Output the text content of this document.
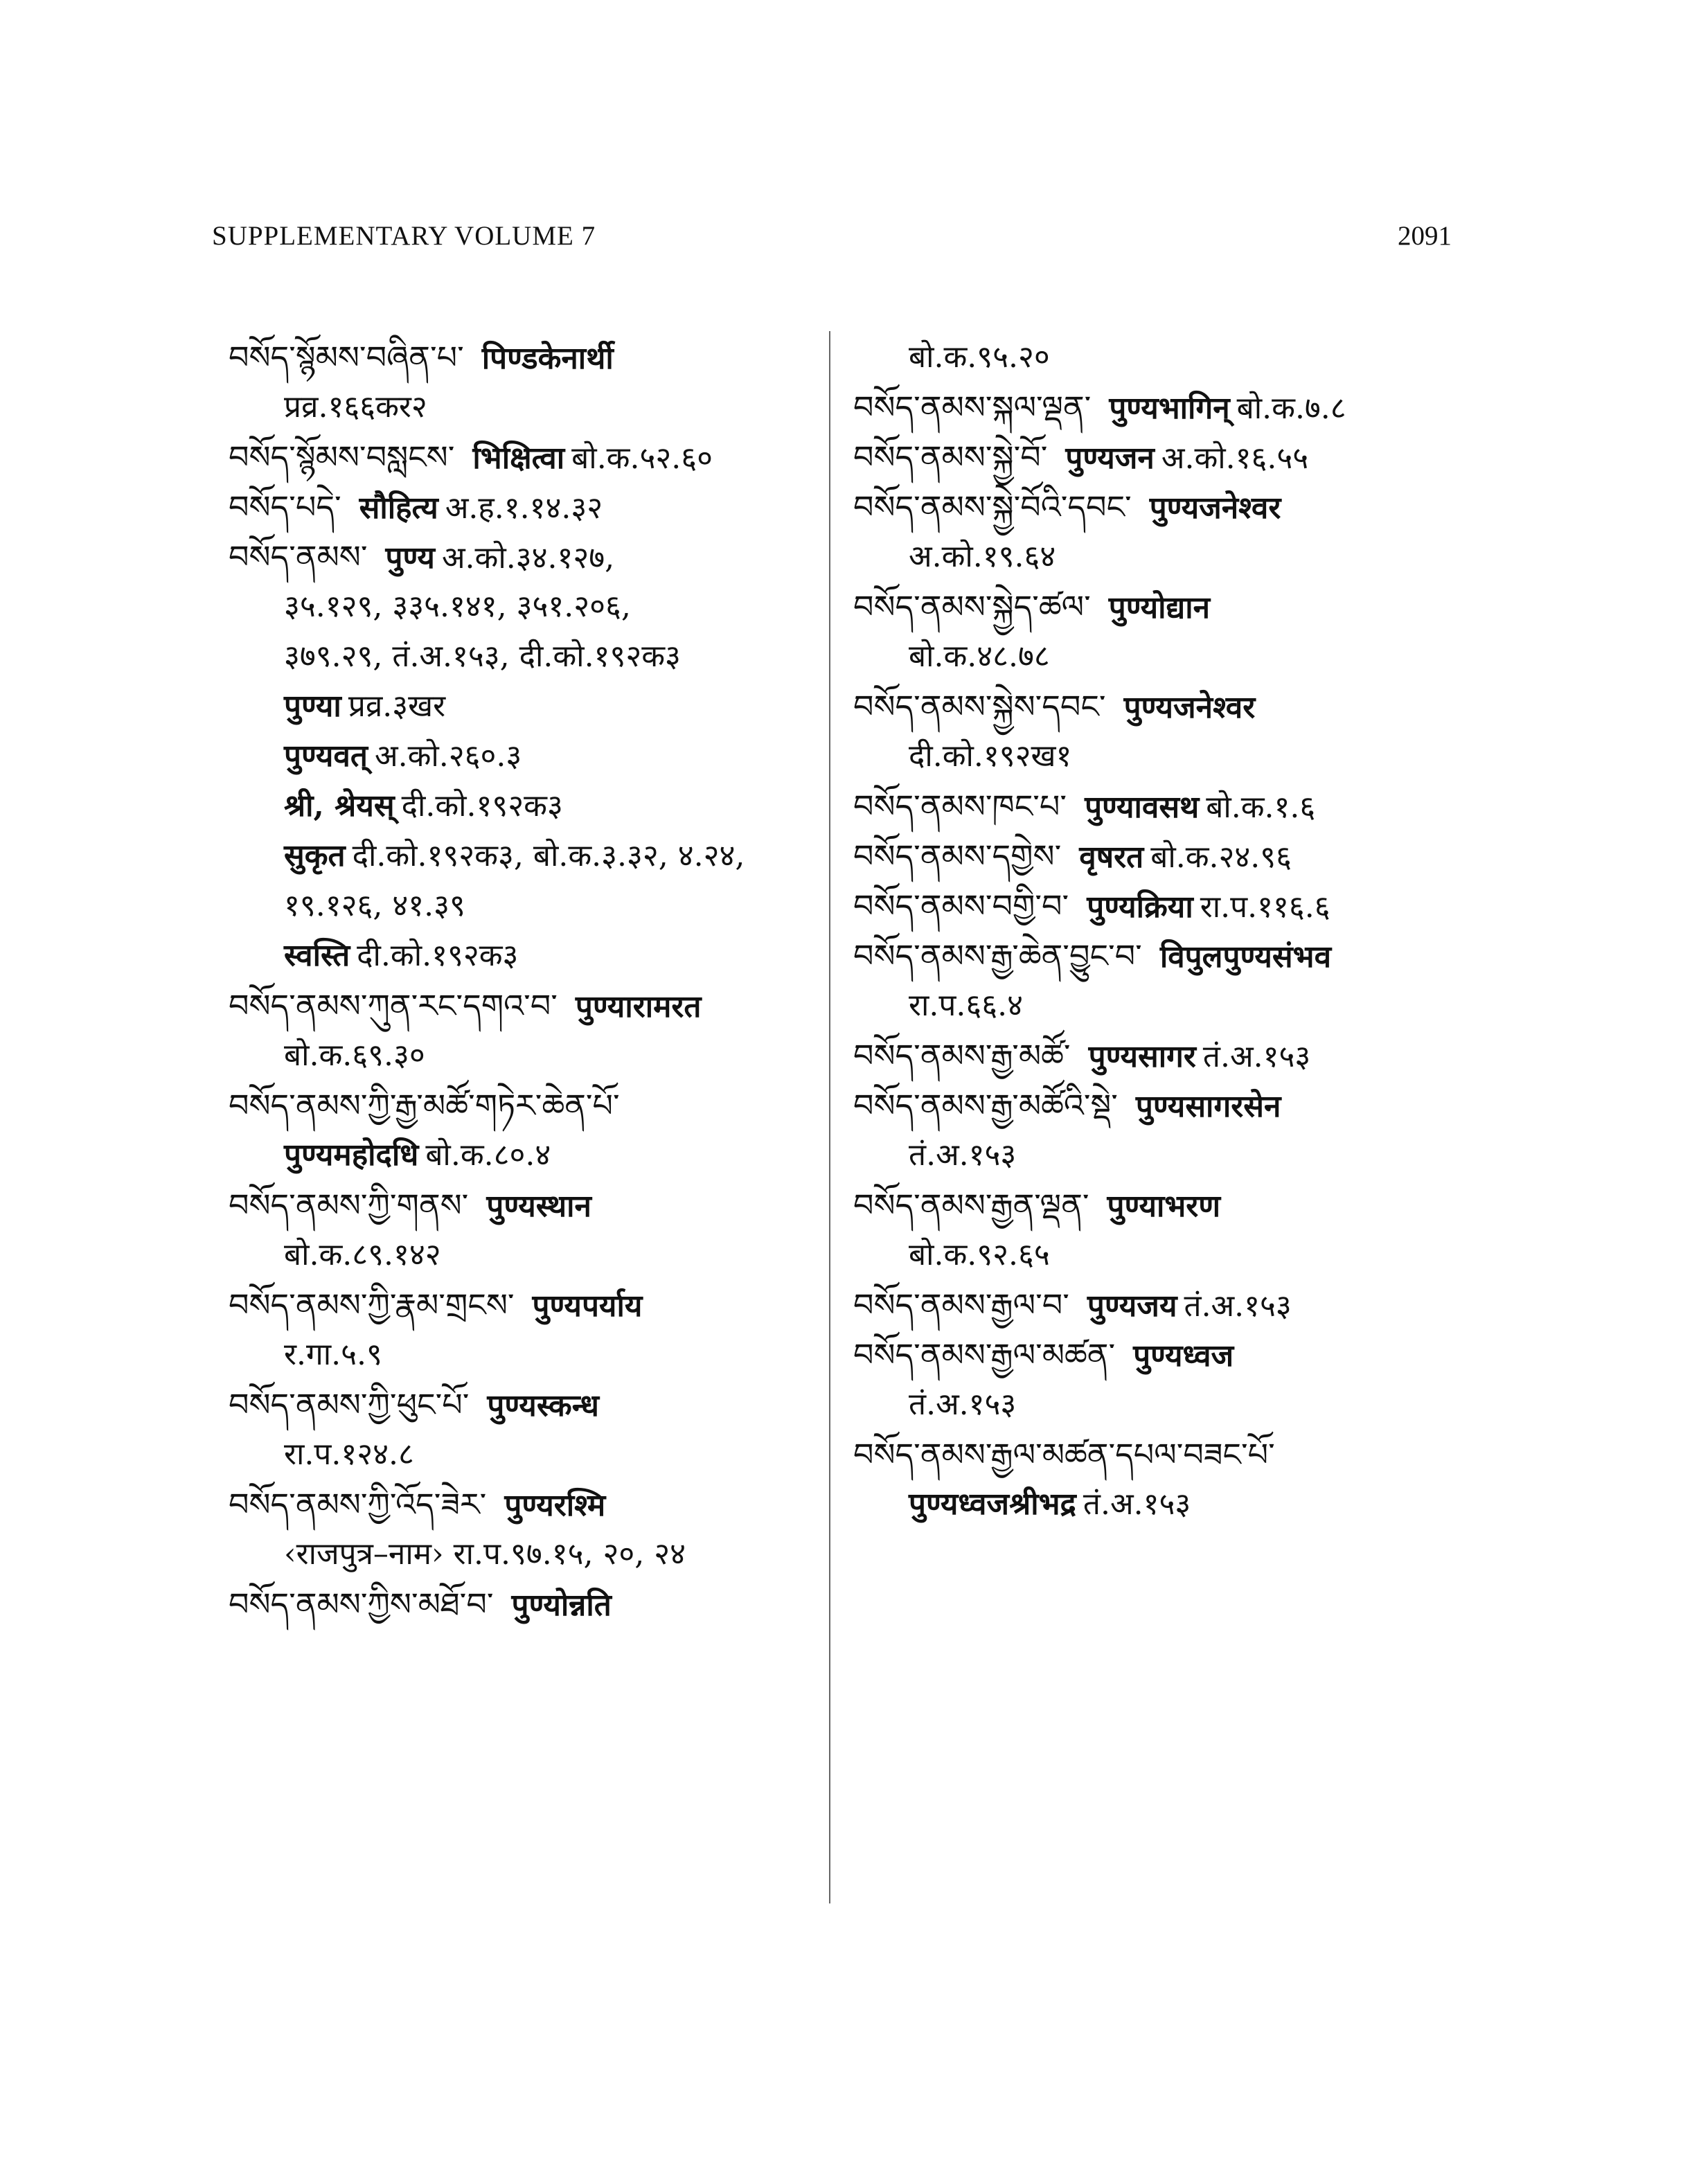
SUPPLEMENTARY VOLUME 7	2091
བསོད་སྙོམས་བཞིན་པ་ पिण्डकेनार्थी
प्रव्र.१६६कर२
བསོད་སྙོམས་བསླངས་ भिक्षित्वा बो.क.५२.६०
བསོད་པདེ་ सौहित्य अ.ह.१.१४.३२
བསོད་ནམས་ पुण्य अ.को.३४.१२७,
३५.१२९, ३३५.१४१, ३५१.२०६,
३७९.२९, तं.अ.१५३, दी.को.१९२क३
पुण्या प्रव्र.३खर
पुण्यवत् अ.को.२६०.३
श्री, श्रेयस् दी.को.१९२क३
सुकृत दी.को.१९२क३, बो.क.३.३२, ४.२४,
१९.१२६, ४१.३९
स्वस्ति दी.को.१९२क३
བསོད་ནམས་ཀུན་རང་དགའ་བ་ पुण्यारामरत
बो.क.६९.३०
བསོད་ནམས་ཀྱི་རྒྱ་མཚོ་གཏེར་ཆེན་པོ་
पुण्यमहोदधि बो.क.८०.४
བསོད་ནམས་ཀྱི་གནས་ पुण्यस्थान
बो.क.८९.१४२
བསོད་ནམས་ཀྱི་རྣམ་གྲངས་ पुण्यपर्याय
र.गा.५.९
བསོད་ནམས་ཀྱི་ཕུང་པོ་ पुण्यस्कन्ध
रा.प.१२४.८
བསོད་ནམས་ཀྱི་འོད་ཟེར་ पुण्यरश्मि
‹राजपुत्र–नाम› रा.प.९७.१५, २०, २४
བསོད་ནམས་ཀྱིས་མཐོ་བ་ पुण्योन्नति
बो.क.९५.२०
བསོད་ནམས་སྐལ་ལྡན་ पुण्यभागिन् बो.क.७.८
བསོད་ནམས་སྐྱེ་བོ་ पुण्यजन अ.को.१६.५५
བསོད་ནམས་སྐྱེ་བོའི་དབང་ पुण्यजनेश्वर
अ.को.१९.६४
བསོད་ནམས་སྐྱེད་ཚལ་ पुण्योद्यान
बो.क.४८.७८
བསོད་ནམས་སྐྱེས་དབང་ पुण्यजनेश्वर
दी.को.१९२ख१
བསོད་ནམས་ཁང་པ་ पुण्यावसथ बो.क.१.६
བསོད་ནམས་དགྱེས་ वृषरत बो.क.२४.९६
བསོད་ནམས་བགྱི་བ་ पुण्यक्रिया रा.प.११६.६
བསོད་ནམས་རྒྱ་ཆེན་བྱུང་བ་ विपुलपुण्यसंभव
रा.प.६६.४
བསོད་ནམས་རྒྱ་མཚོ་ पुण्यसागर तं.अ.१५३
བསོད་ནམས་རྒྱ་མཚོའི་སྡེ་ पुण्यसागरसेन
तं.अ.१५३
བསོད་ནམས་རྒྱན་ལྡན་ पुण्याभरण
बो.क.९२.६५
བསོད་ནམས་རྒྱལ་བ་ पुण्यजय तं.अ.१५३
བསོད་ནམས་རྒྱལ་མཚན་ पुण्यध्वज
तं.अ.१५३
བསོད་ནམས་རྒྱལ་མཚན་དཔལ་བཟང་པོ་
पुण्यध्वजश्रीभद्र तं.अ.१५३
